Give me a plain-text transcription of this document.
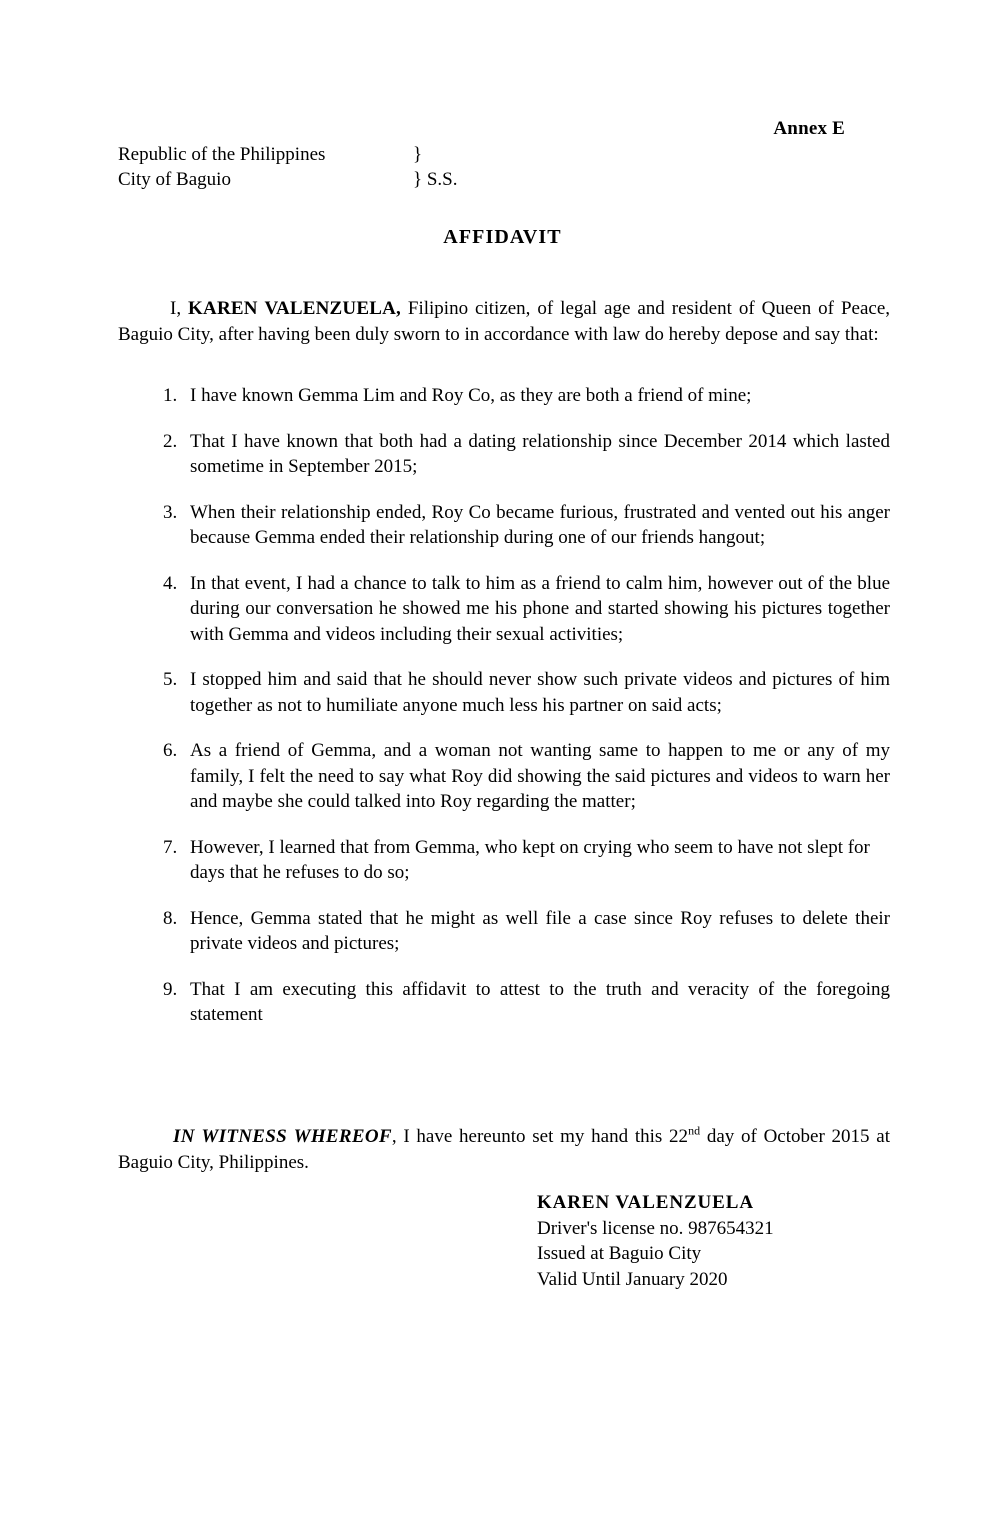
Annex E
Republic of the Philippines	}
City of Baguio	} S.S.
AFFIDAVIT
I, KAREN VALENZUELA, Filipino citizen, of legal age and resident of Queen of Peace, Baguio City, after having been duly sworn to in accordance with law do hereby depose and say that:
1. I have known Gemma Lim and Roy Co, as they are both a friend of mine;
2. That I have known that both had a dating relationship since December 2014 which lasted sometime in September 2015;
3. When their relationship ended, Roy Co became furious, frustrated and vented out his anger because Gemma ended their relationship during one of our friends hangout;
4. In that event, I had a chance to talk to him as a friend to calm him, however out of the blue during our conversation he showed me his phone and started showing his pictures together with Gemma and videos including their sexual activities;
5. I stopped him and said that he should never show such private videos and pictures of him together as not to humiliate anyone much less his partner on said acts;
6. As a friend of Gemma, and a woman not wanting same to happen to me or any of my family, I felt the need to say what Roy did showing the said pictures and videos to warn her and maybe she could talked into Roy regarding the matter;
7. However, I learned that from Gemma, who kept on crying who seem to have not slept for days that he refuses to do so;
8. Hence, Gemma stated that he might as well file a case since Roy refuses to delete their private videos and pictures;
9. That I am executing this affidavit to attest to the truth and veracity of the foregoing statement
IN WITNESS WHEREOF, I have hereunto set my hand this 22nd day of October 2015 at Baguio City, Philippines.
KAREN VALENZUELA
Driver's license no. 987654321
Issued at Baguio City
Valid Until January 2020
